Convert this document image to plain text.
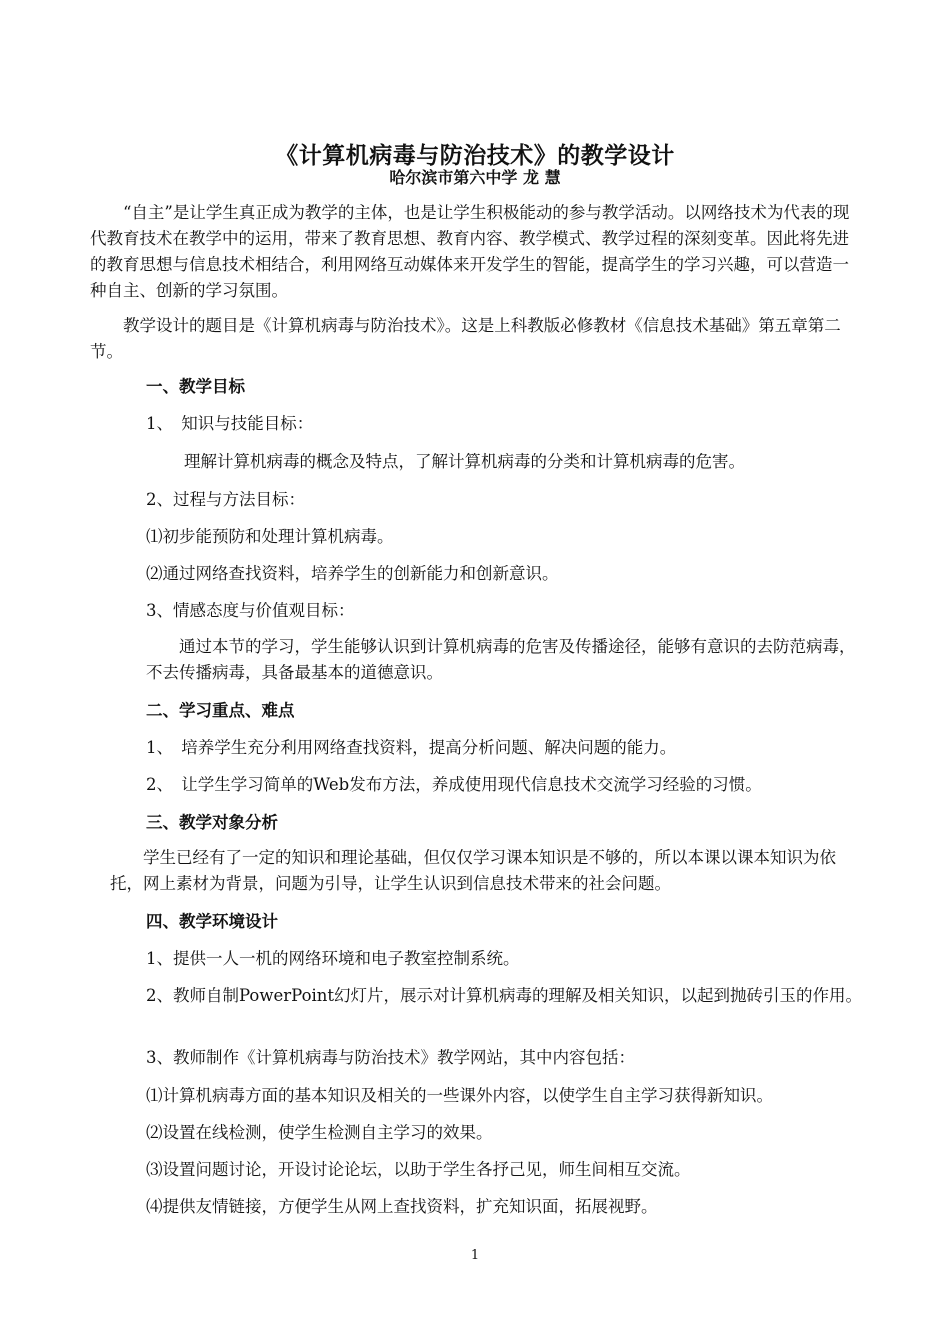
《计算机病毒与防治技术》的教学设计
哈尔滨市第六中学 龙 慧

“自主”是让学生真正成为教学的主体，也是让学生积极能动的参与教学活动。以网络技术为代表的现代教育技术在教学中的运用，带来了教育思想、教育内容、教学模式、教学过程的深刻变革。因此将先进的教育思想与信息技术相结合，利用网络互动媒体来开发学生的智能，提高学生的学习兴趣，可以营造一种自主、创新的学习氛围。

教学设计的题目是《计算机病毒与防治技术》。这是上科教版必修教材《信息技术基础》第五章第二节。

一、教学目标
1、　知识与技能目标：
理解计算机病毒的概念及特点，了解计算机病毒的分类和计算机病毒的危害。
2、过程与方法目标：
⑴初步能预防和处理计算机病毒。
⑵通过网络查找资料，培养学生的创新能力和创新意识。
3、情感态度与价值观目标：

通过本节的学习，学生能够认识到计算机病毒的危害及传播途径，能够有意识的去防范病毒，不去传播病毒，具备最基本的道德意识。

二、学习重点、难点
1、　培养学生充分利用网络查找资料，提高分析问题、解决问题的能力。
2、　让学生学习简单的Web发布方法，养成使用现代信息技术交流学习经验的习惯。
三、教学对象分析

学生已经有了一定的知识和理论基础，但仅仅学习课本知识是不够的，所以本课以课本知识为依托，网上素材为背景，问题为引导，让学生认识到信息技术带来的社会问题。

四、教学环境设计
1、提供一人一机的网络环境和电子教室控制系统。

2、教师自制PowerPoint幻灯片，展示对计算机病毒的理解及相关知识，以起到抛砖引玉的作用。

3、教师制作《计算机病毒与防治技术》教学网站，其中内容包括：
⑴计算机病毒方面的基本知识及相关的一些课外内容，以使学生自主学习获得新知识。
⑵设置在线检测，使学生检测自主学习的效果。
⑶设置问题讨论，开设讨论论坛，以助于学生各抒己见，师生间相互交流。
⑷提供友情链接，方便学生从网上查找资料，扩充知识面，拓展视野。
1
